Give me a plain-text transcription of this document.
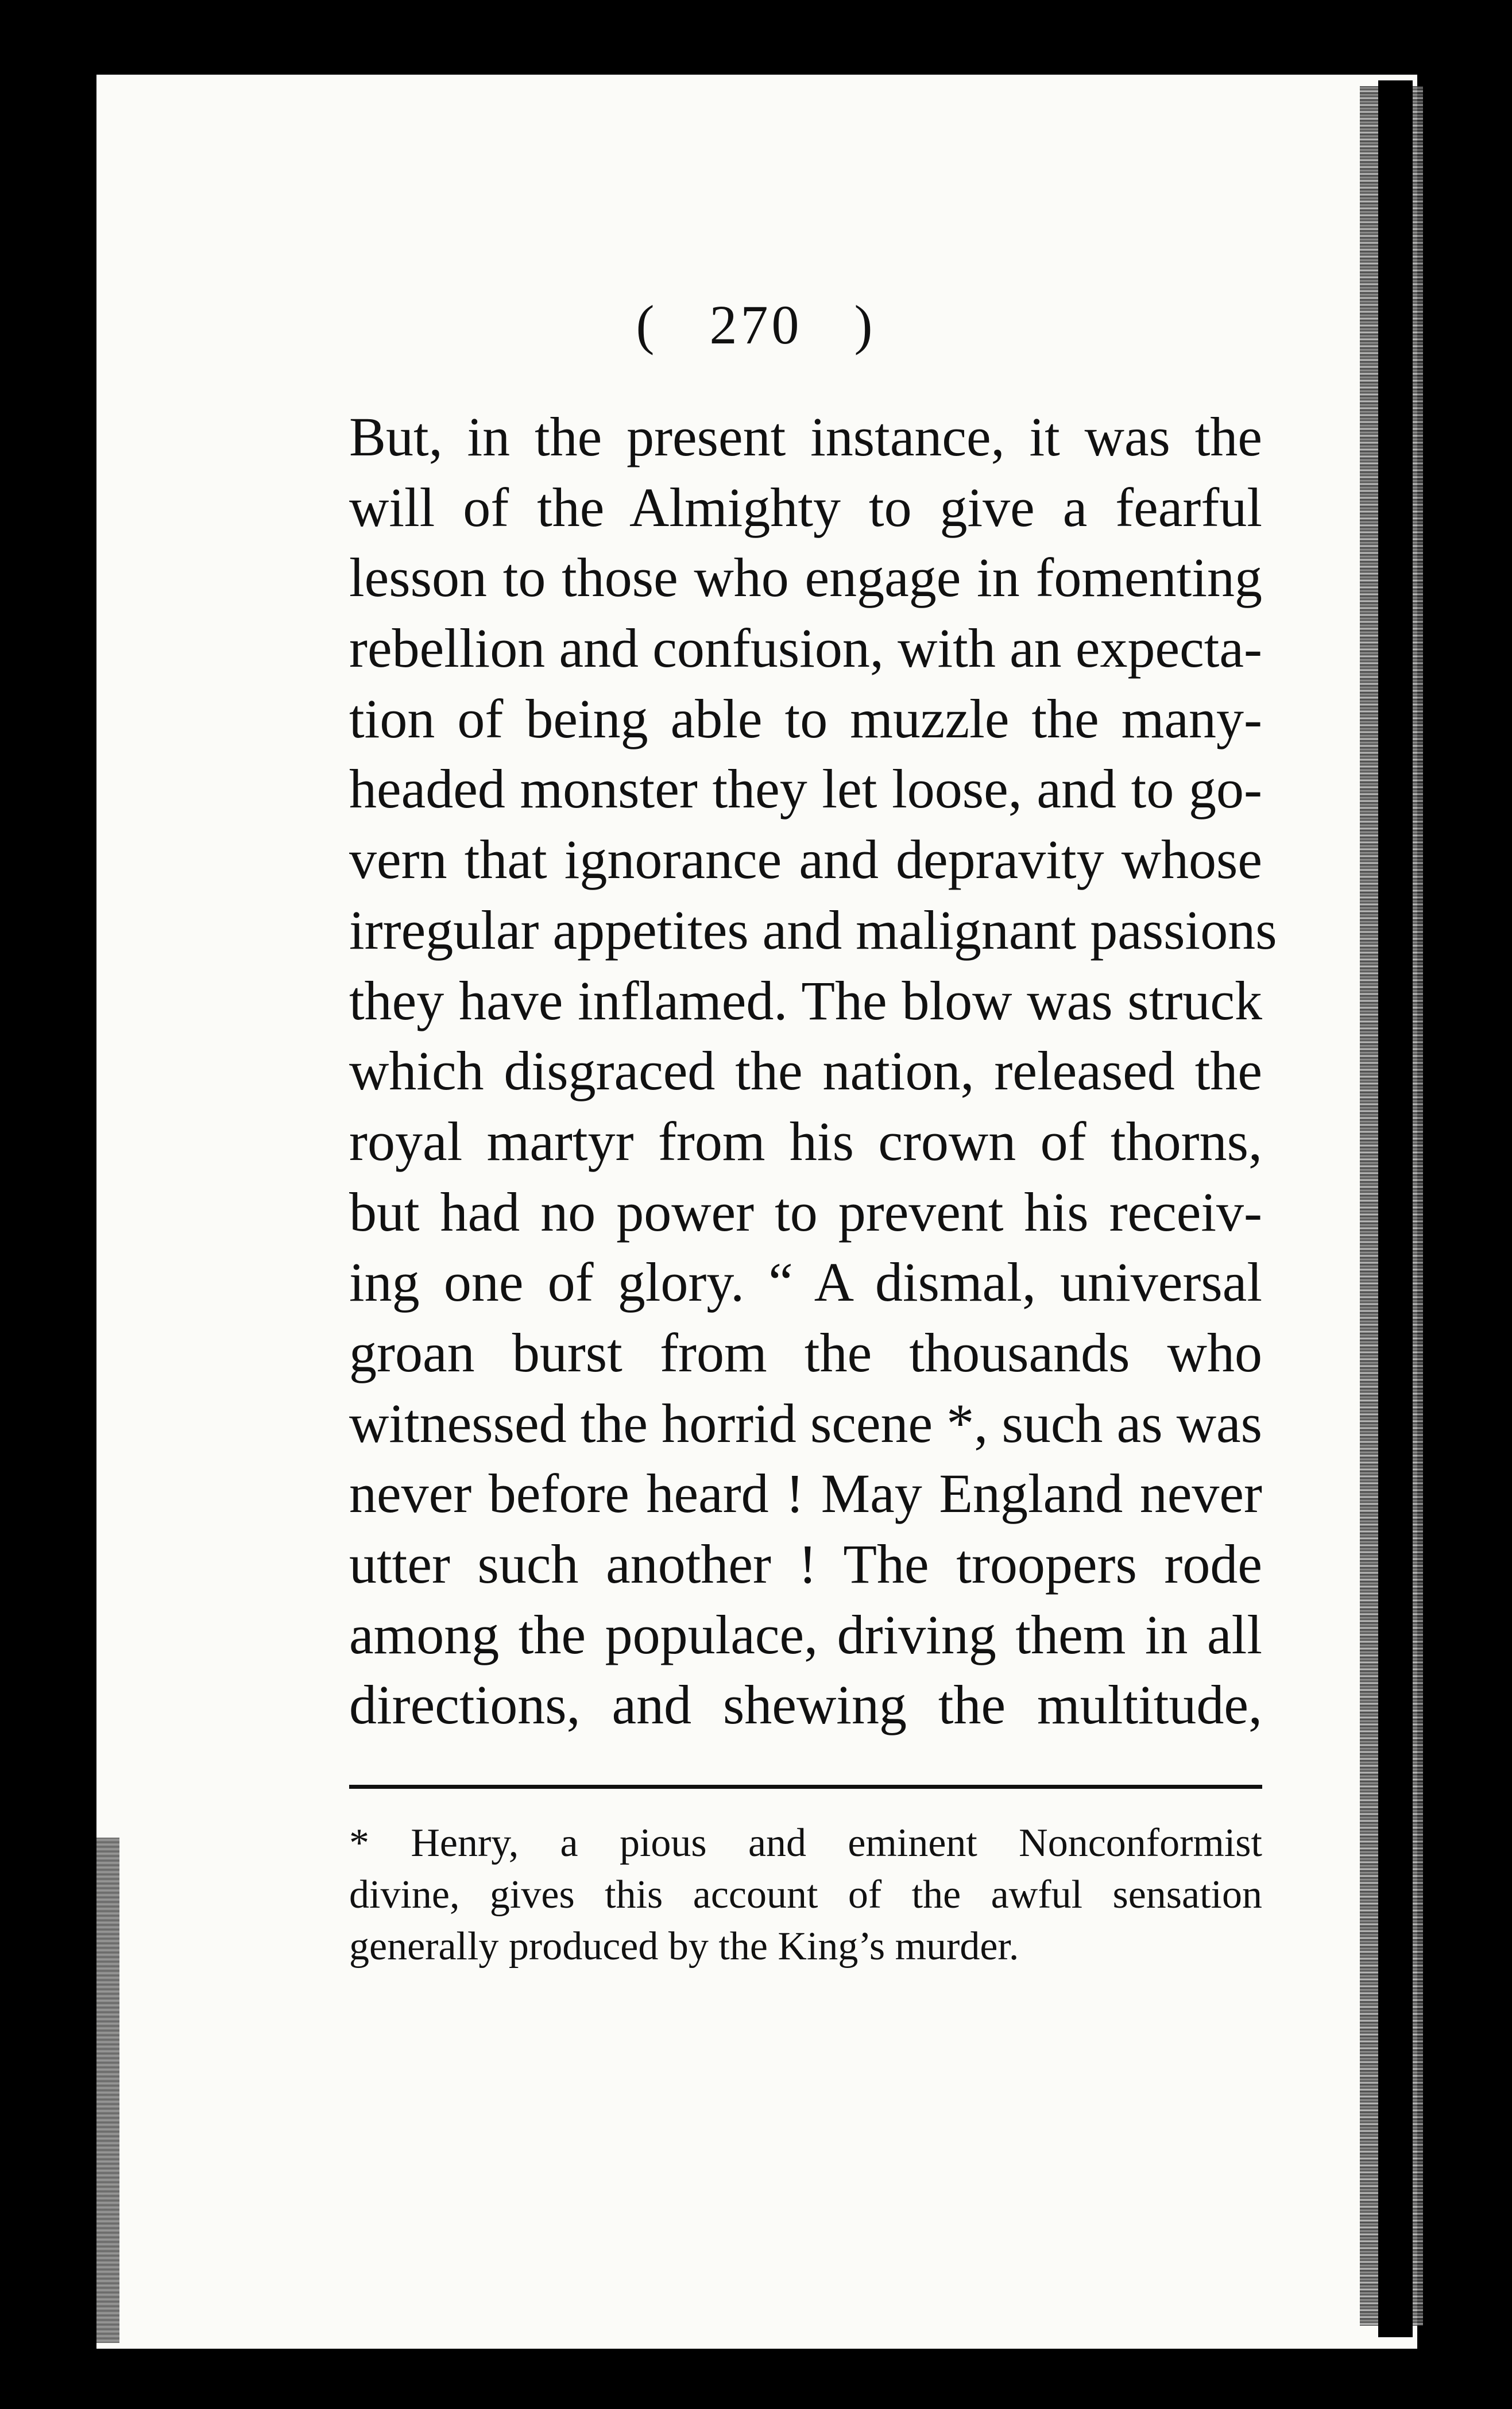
( 270 )
But, in the present instance, it was the
will of the Almighty to give a fearful
lesson to those who engage in fomenting
rebellion and confusion, with an expecta-
tion of being able to muzzle the many-
headed monster they let loose, and to go-
vern that ignorance and depravity whose
irregular appetites and malignant passions
they have inflamed. The blow was struck
which disgraced the nation, released the
royal martyr from his crown of thorns,
but had no power to prevent his receiv-
ing one of glory. “ A dismal, universal
groan burst from the thousands who
witnessed the horrid scene *, such as was
never before heard ! May England never
utter such another ! The troopers rode
among the populace, driving them in all
directions, and shewing the multitude,
* Henry, a pious and eminent Nonconformist
divine, gives this account of the awful sensation
generally produced by the King’s murder.
